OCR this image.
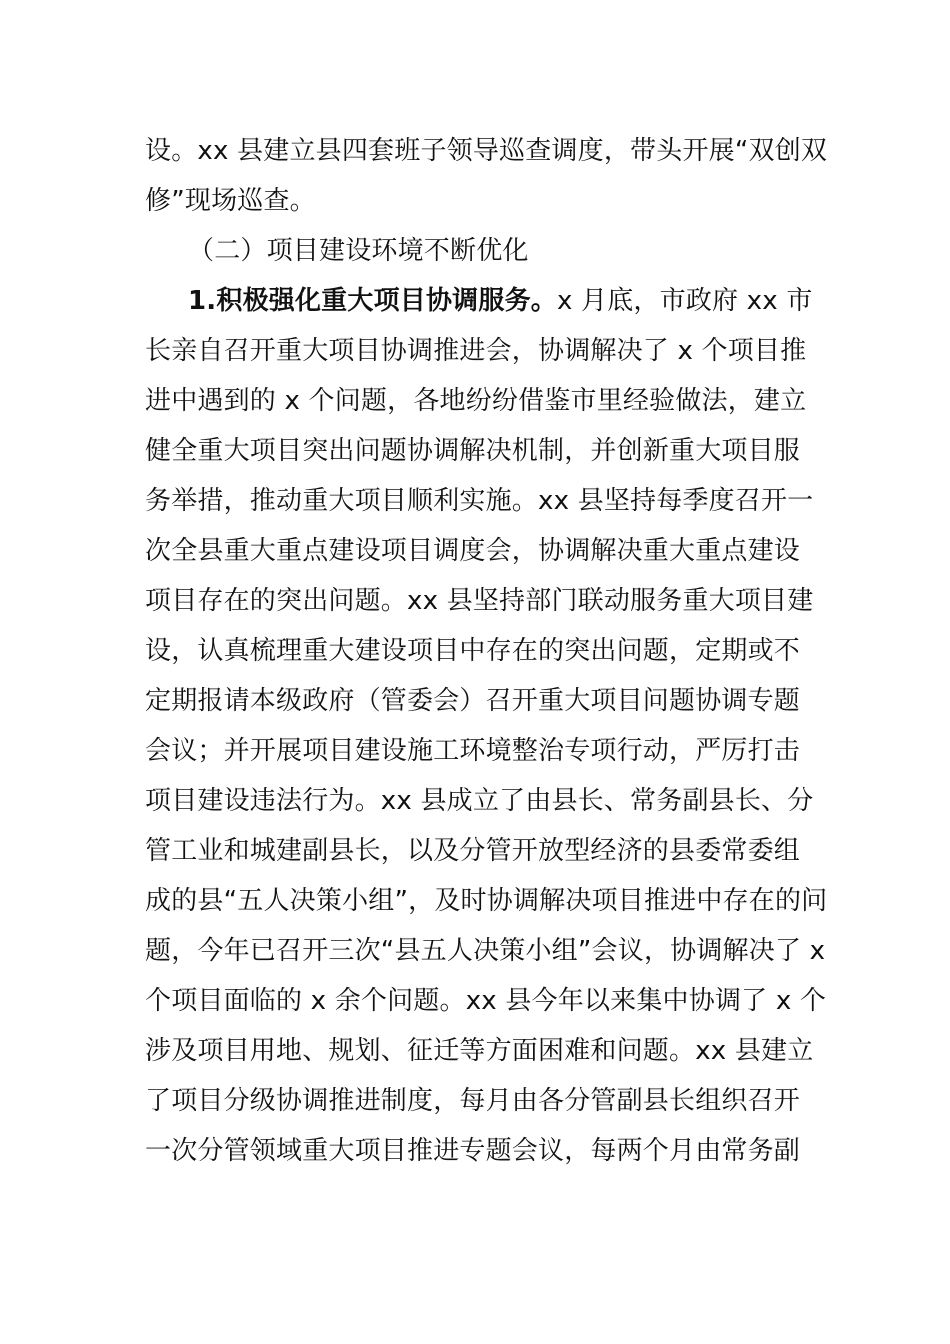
设。xx 县建立县四套班子领导巡查调度，带头开展“双创双
修”现场巡查。
（二）项目建设环境不断优化
1.积极强化重大项目协调服务。x 月底，市政府 xx 市
长亲自召开重大项目协调推进会，协调解决了 x 个项目推
进中遇到的 x 个问题，各地纷纷借鉴市里经验做法，建立
健全重大项目突出问题协调解决机制，并创新重大项目服
务举措，推动重大项目顺利实施。xx 县坚持每季度召开一
次全县重大重点建设项目调度会，协调解决重大重点建设
项目存在的突出问题。xx 县坚持部门联动服务重大项目建
设，认真梳理重大建设项目中存在的突出问题，定期或不
定期报请本级政府（管委会）召开重大项目问题协调专题
会议；并开展项目建设施工环境整治专项行动，严厉打击
项目建设违法行为。xx 县成立了由县长、常务副县长、分
管工业和城建副县长，以及分管开放型经济的县委常委组
成的县“五人决策小组”，及时协调解决项目推进中存在的问
题，今年已召开三次“县五人决策小组”会议，协调解决了 x
个项目面临的 x 余个问题。xx 县今年以来集中协调了 x 个
涉及项目用地、规划、征迁等方面困难和问题。xx 县建立
了项目分级协调推进制度，每月由各分管副县长组织召开
一次分管领域重大项目推进专题会议，每两个月由常务副
